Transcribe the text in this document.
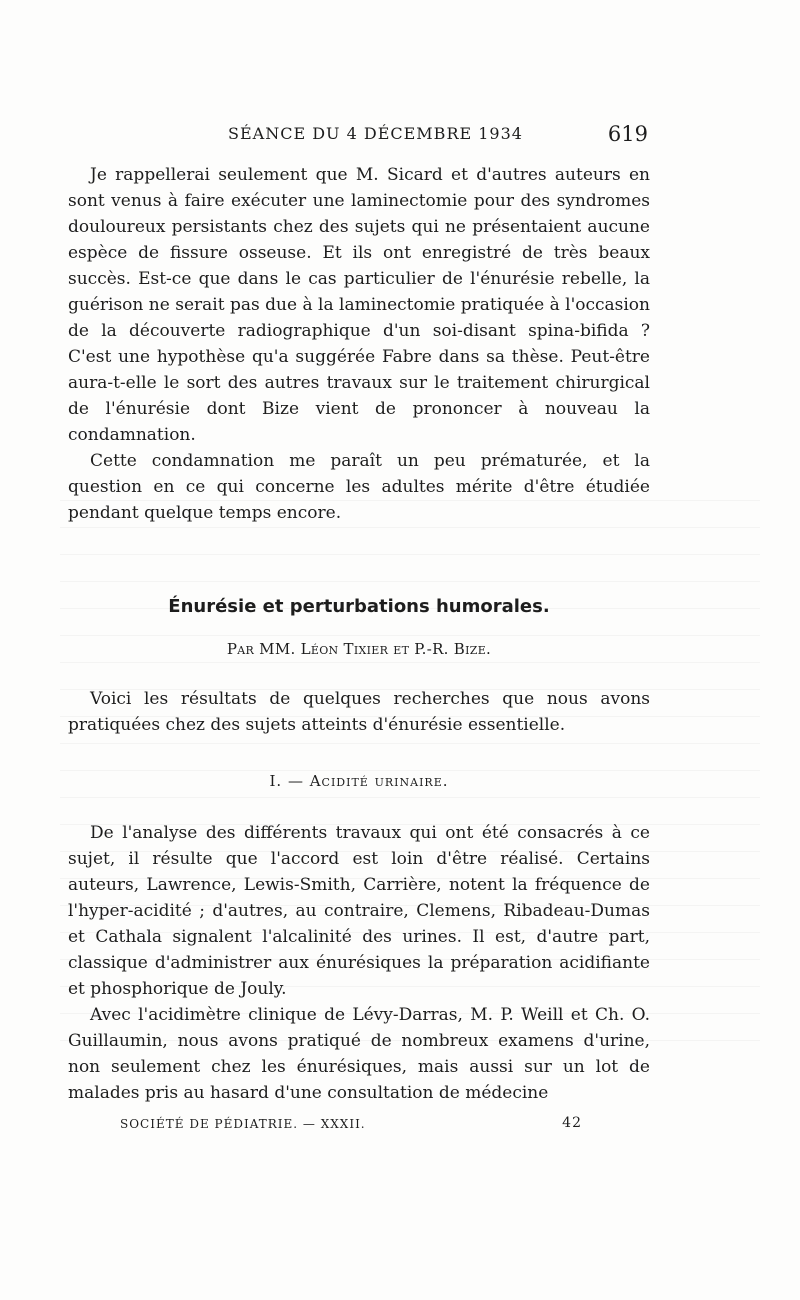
SÉANCE DU 4 DÉCEMBRE 1934	619

Je rappellerai seulement que M. Sicard et d'autres auteurs en sont venus à faire exécuter une laminectomie pour des syndromes douloureux persistants chez des sujets qui ne présentaient aucune espèce de fissure osseuse. Et ils ont enregistré de très beaux succès. Est-ce que dans le cas particulier de l'énurésie rebelle, la guérison ne serait pas due à la laminectomie pratiquée à l'occasion de la découverte radiographique d'un soi-disant spina-bifida ? C'est une hypothèse qu'a suggérée Fabre dans sa thèse. Peut-être aura-t-elle le sort des autres travaux sur le traitement chirurgical de l'énurésie dont Bize vient de prononcer à nouveau la condamnation.

Cette condamnation me paraît un peu prématurée, et la question en ce qui concerne les adultes mérite d'être étudiée pendant quelque temps encore.

Énurésie et perturbations humorales.
Par MM. Léon Tixier et P.-R. Bize.

Voici les résultats de quelques recherches que nous avons pratiquées chez des sujets atteints d'énurésie essentielle.

I. — Acidité urinaire.

De l'analyse des différents travaux qui ont été consacrés à ce sujet, il résulte que l'accord est loin d'être réalisé. Certains auteurs, Lawrence, Lewis-Smith, Carrière, notent la fréquence de l'hyper-acidité ; d'autres, au contraire, Clemens, Ribadeau-Dumas et Cathala signalent l'alcalinité des urines. Il est, d'autre part, classique d'administrer aux énurésiques la préparation acidifiante et phosphorique de Jouly.

Avec l'acidimètre clinique de Lévy-Darras, M. P. Weill et Ch. O. Guillaumin, nous avons pratiqué de nombreux examens d'urine, non seulement chez les énurésiques, mais aussi sur un lot de malades pris au hasard d'une consultation de médecine

SOCIÉTÉ DE PÉDIATRIE. — XXXII.	42
